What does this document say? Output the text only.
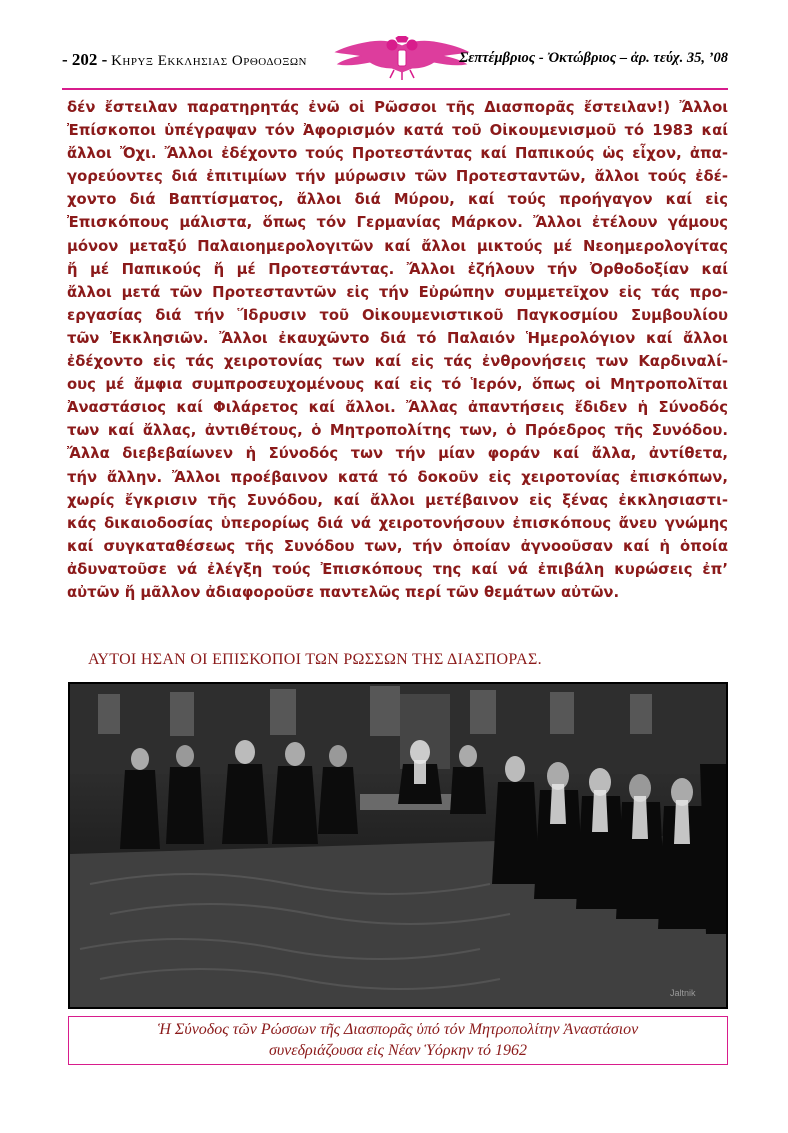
- 202 - Κηρυξ Εκκλησιας Ορθοδοξων	Σεπτέμβριος - Ὀκτώβριος – ἀρ. τεύχ. 35, ’08
δέν ἔστειλαν παρατηρητάς ἐνῶ οἱ Ρῶσσοι τῆς Διασπορᾶς ἔστειλαν!) Ἄλλοι
Ἐπίσκοποι ὑπέγραψαν τόν Ἀφορισμόν κατά τοῦ Οἰκουμενισμοῦ τό 1983 καί
ἄλλοι Ὄχι. Ἄλλοι ἐδέχοντο τούς Προτεστάντας καί Παπικούς ὡς εἶχον, ἀπα-
γορεύοντες διά ἐπιτιμίων τήν μύρωσιν τῶν Προτεσταντῶν, ἄλλοι τούς ἐδέ-
χοντο διά Βαπτίσματος, ἄλλοι διά Μύρου, καί τούς προήγαγον καί εἰς
Ἐπισκόπους μάλιστα, ὅπως τόν Γερμανίας Μάρκον. Ἄλλοι ἐτέλουν γάμους
μόνον μεταξύ Παλαιοημερολογιτῶν καί ἄλλοι μικτούς μέ Νεοημερολογίτας
ἤ μέ Παπικούς ἤ μέ Προτεστάντας. Ἄλλοι ἐζήλουν τήν Ὀρθοδοξίαν καί
ἄλλοι μετά τῶν Προτεσταντῶν εἰς τήν Εὐρώπην συμμετεῖχον εἰς τάς προ-
εργασίας διά τήν Ἵδρυσιν τοῦ Οἰκουμενιστικοῦ Παγκοσμίου Συμβουλίου
τῶν Ἐκκλησιῶν. Ἄλλοι ἐκαυχῶντο διά τό Παλαιόν Ἡμερολόγιον καί ἄλλοι
ἐδέχοντο εἰς τάς χειροτονίας των καί εἰς τάς ἐνθρονήσεις των Καρδιναλί-
ους μέ ἄμφια συμπροσευχομένους καί εἰς τό Ἱερόν, ὅπως οἱ Μητροπολῖται
Ἀναστάσιος καί Φιλάρετος καί ἄλλοι. Ἄλλας ἀπαντήσεις ἔδιδεν ἡ Σύνοδός
των καί ἄλλας, ἀντιθέτους, ὁ Μητροπολίτης των, ὁ Πρόεδρος τῆς Συνόδου.
Ἄλλα διεβεβαίωνεν ἡ Σύνοδός των τήν μίαν φοράν καί ἄλλα, ἀντίθετα,
τήν ἄλλην. Ἄλλοι προέβαινον κατά τό δοκοῦν εἰς χειροτονίας ἐπισκόπων,
χωρίς ἔγκρισιν τῆς Συνόδου, καί ἄλλοι μετέβαινον εἰς ξένας ἐκκλησιαστι-
κάς δικαιοδοσίας ὑπερορίως διά νά χειροτονήσουν ἐπισκόπους ἄνευ γνώμης
καί συγκαταθέσεως τῆς Συνόδου των, τήν ὁποίαν ἀγνοοῦσαν καί ἡ ὁποία
ἀδυνατοῦσε νά ἐλέγξη τούς Ἐπισκόπους της καί νά ἐπιβάλη κυρώσεις ἐπ’
αὐτῶν ἤ μᾶλλον ἀδιαφοροῦσε παντελῶς περί τῶν θεμάτων αὐτῶν.
ΑΥΤΟΙ ΗΣΑΝ ΟΙ ΕΠΙΣΚΟΠΟΙ ΤΩΝ ΡΩΣΣΩΝ ΤΗΣ ΔΙΑΣΠΟΡΑΣ.
Jaltnik
Ἡ Σύνοδος τῶν Ρώσσων τῆς Διασπορᾶς ὑπό τόν Μητροπολίτην Ἀναστάσιον
συνεδριάζουσα εἰς Νέαν Ὑόρκην τό 1962
